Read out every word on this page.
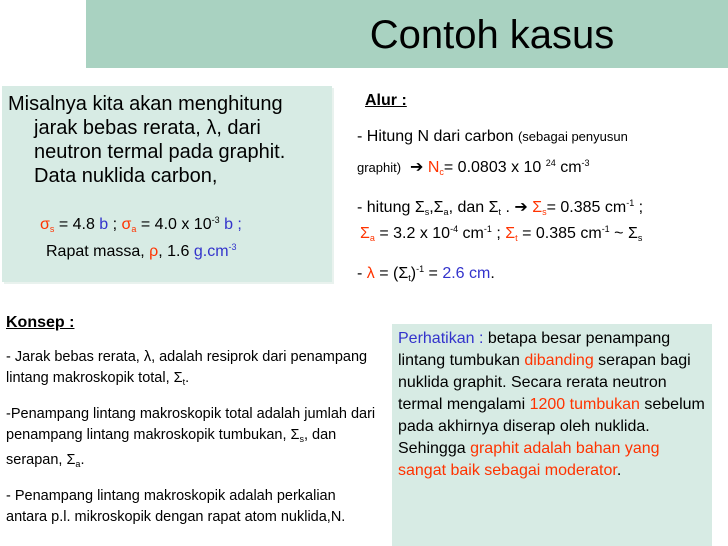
Contoh kasus

Misalnya kita akan menghitung jarak bebas rerata, λ, dari neutron termal pada graphit. Data nuklida carbon,

$\sigma_s = 4.8$ b ; $\sigma_a = 4.0$ x $10^{-3}$ b ;
Rapat massa, ρ, 1.6 $g.cm^{-3}$
Alur :
- Hitung N dari carbon (sebagai penyusun
graphit) ➔ $N_c= 0.0803$ x 10 $^{24}$ $cm^{-3}$
- hitung $\Sigma_s,\Sigma_a$, dan $\Sigma_t$ . ➔ $\Sigma_s= 0.385$ $cm^{-1}$ ;
$\Sigma_a = 3.2$ x $10^{-4}$ $cm^{-1}$ ; $\Sigma_t = 0.385$ $cm^{-1}$ ~ $\Sigma_s$
- $\lambda = (\Sigma_t)^{-1} = 2.6$ cm.
Konsep :
- Jarak bebas rerata, λ, adalah resiprok dari penampang lintang makroskopik total, $\Sigma_t$.
-Penampang lintang makroskopik total adalah jumlah dari penampang lintang makroskopik tumbukan, $\Sigma_s$, dan serapan, $\Sigma_a$.
- Penampang lintang makroskopik adalah perkalian antara p.l. mikroskopik dengan rapat atom nuklida,N.
Perhatikan : betapa besar penampang lintang tumbukan dibanding serapan bagi nuklida graphit. Secara rerata neutron termal mengalami 1200 tumbukan sebelum pada akhirnya diserap oleh nuklida. Sehingga graphit adalah bahan yang sangat baik sebagai moderator.
